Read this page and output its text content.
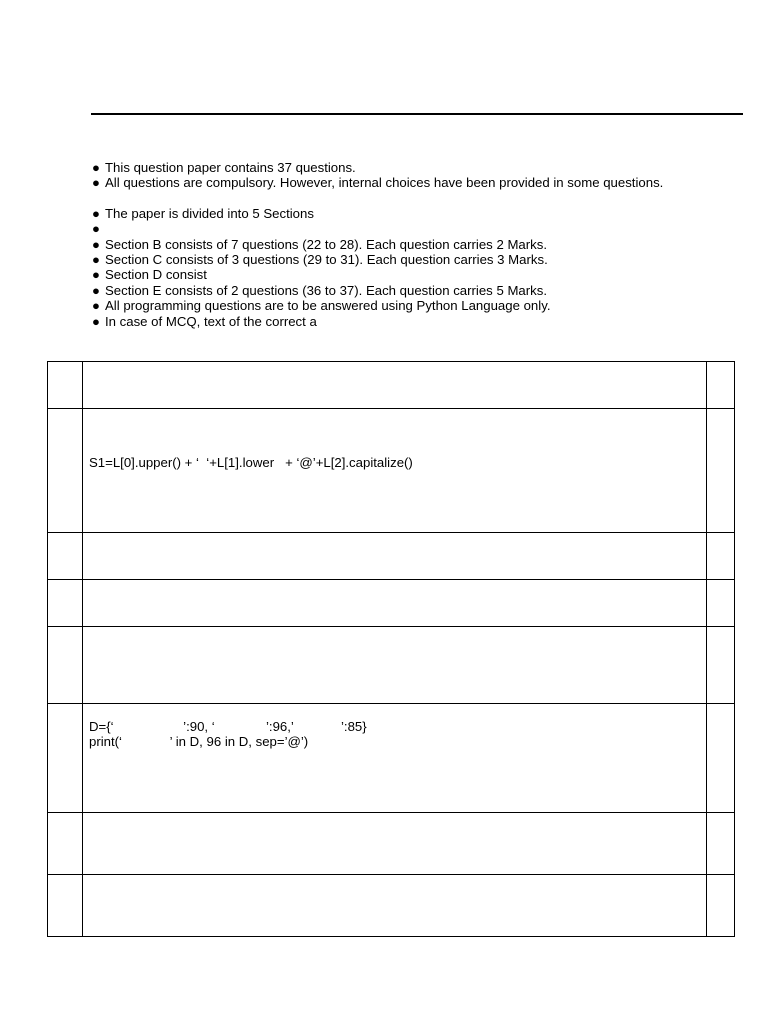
● This question paper contains 37 questions.
● All questions are compulsory. However, internal choices have been provided in some questions.
● The paper is divided into 5 Sections
●
● Section B consists of 7 questions (22 to 28). Each question carries 2 Marks.
● Section C consists of 3 questions (29 to 31). Each question carries 3 Marks.
● Section D consist
● Section E consists of 2 questions (36 to 37). Each question carries 5 Marks.
● All programming questions are to be answered using Python Language only.
● In case of MCQ, text of the correct a

	S1=L[0].upper() + ‘  ‘+L[1].lower   + ‘@’+L[2].capitalize()	

	D={‘                   ’:90, ‘              ’:96,’             ’:85}
print(‘             ’ in D, 96 in D, sep=’@’)	
